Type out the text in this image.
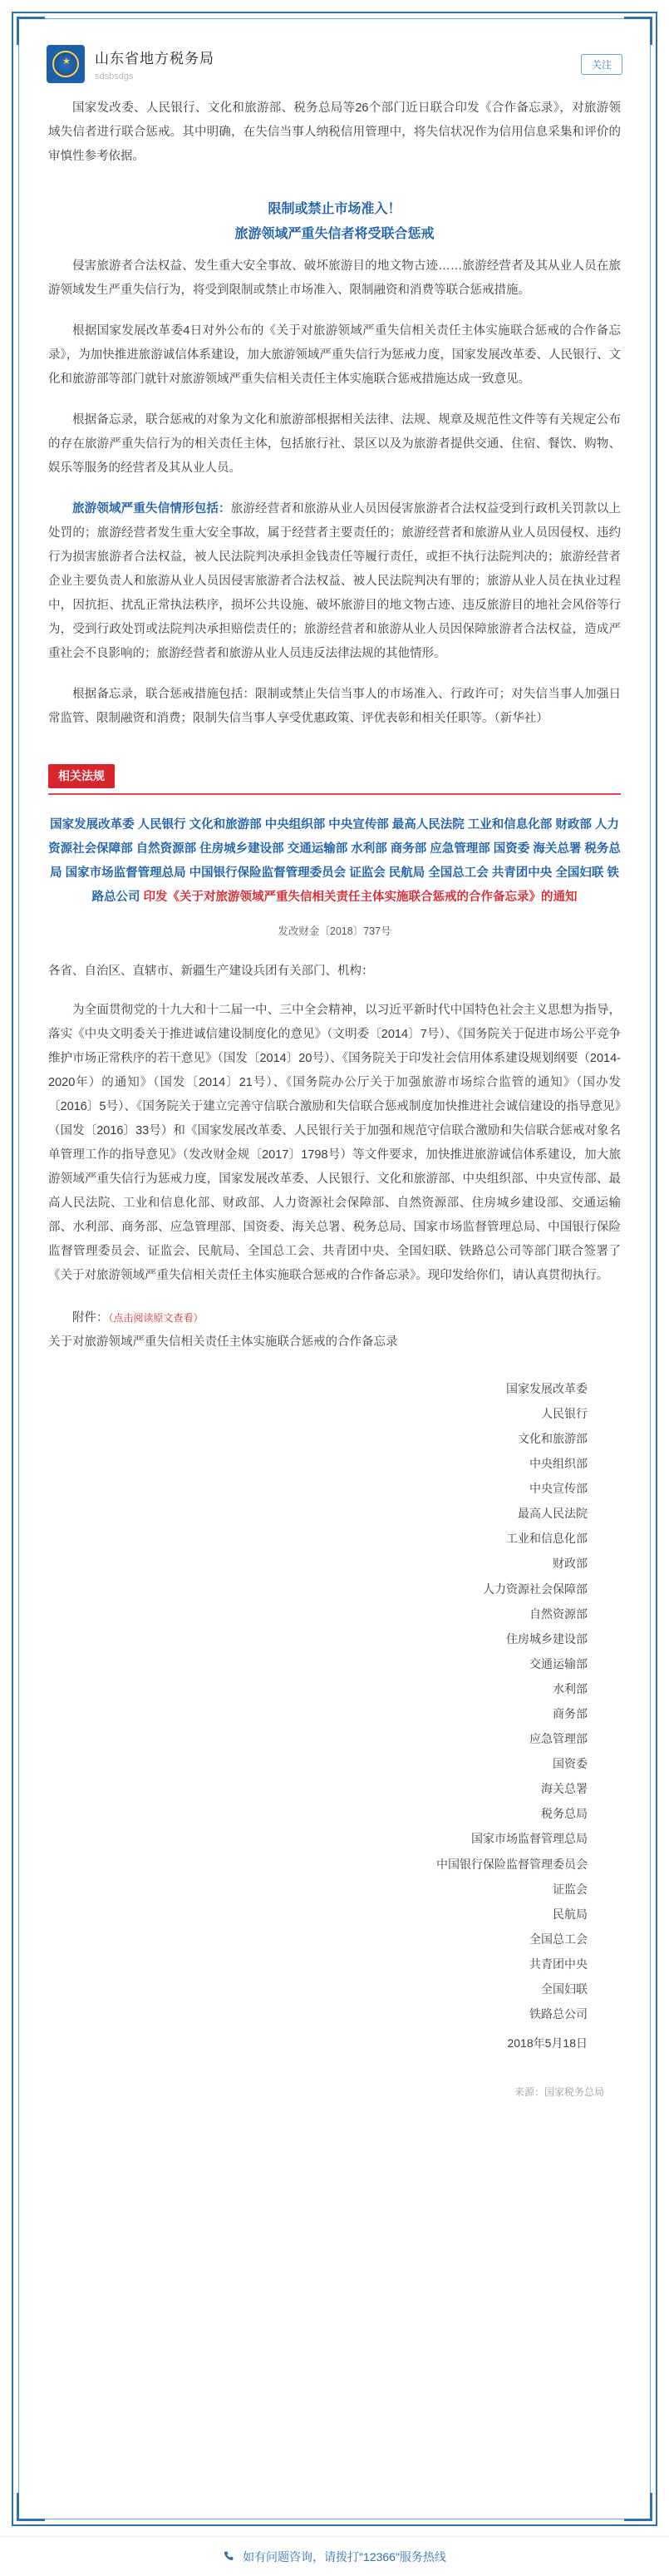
★ 山东省地方税务局
sdsbsdgs
关注

国家发改委、人民银行、文化和旅游部、税务总局等26个部门近日联合印发《合作备忘录》，对旅游领域失信者进行联合惩戒。其中明确，在失信当事人纳税信用管理中，将失信状况作为信用信息采集和评价的审慎性参考依据。

限制或禁止市场准入！
旅游领域严重失信者将受联合惩戒

侵害旅游者合法权益、发生重大安全事故、破坏旅游目的地文物古迹……旅游经营者及其从业人员在旅游领域发生严重失信行为，将受到限制或禁止市场准入、限制融资和消费等联合惩戒措施。

根据国家发展改革委4日对外公布的《关于对旅游领域严重失信相关责任主体实施联合惩戒的合作备忘录》，为加快推进旅游诚信体系建设，加大旅游领域严重失信行为惩戒力度，国家发展改革委、人民银行、文化和旅游部等部门就针对旅游领域严重失信相关责任主体实施联合惩戒措施达成一致意见。

根据备忘录，联合惩戒的对象为文化和旅游部根据相关法律、法规、规章及规范性文件等有关规定公布的存在旅游严重失信行为的相关责任主体，包括旅行社、景区以及为旅游者提供交通、住宿、餐饮、购物、娱乐等服务的经营者及其从业人员。

旅游领域严重失信情形包括：旅游经营者和旅游从业人员因侵害旅游者合法权益受到行政机关罚款以上处罚的；旅游经营者发生重大安全事故，属于经营者主要责任的；旅游经营者和旅游从业人员因侵权、违约行为损害旅游者合法权益，被人民法院判决承担金钱责任等履行责任，或拒不执行法院判决的；旅游经营者企业主要负责人和旅游从业人员因侵害旅游者合法权益、被人民法院判决有罪的；旅游从业人员在执业过程中，因抗拒、扰乱正常执法秩序，损坏公共设施、破坏旅游目的地文物古迹、违反旅游目的地社会风俗等行为，受到行政处罚或法院判决承担赔偿责任的；旅游经营者和旅游从业人员因保障旅游者合法权益，造成严重社会不良影响的；旅游经营者和旅游从业人员违反法律法规的其他情形。

根据备忘录，联合惩戒措施包括：限制或禁止失信当事人的市场准入、行政许可；对失信当事人加强日常监管、限制融资和消费；限制失信当事人享受优惠政策、评优表彰和相关任职等。（新华社）

相关法规
国家发展改革委 人民银行 文化和旅游部 中央组织部 中央宣传部 最高人民法院 工业和信息化部 财政部 人力资源社会保障部 自然资源部 住房城乡建设部 交通运输部 水利部 商务部 应急管理部 国资委 海关总署 税务总局 国家市场监督管理总局 中国银行保险监督管理委员会 证监会 民航局 全国总工会 共青团中央 全国妇联 铁路总公司 印发《关于对旅游领域严重失信相关责任主体实施联合惩戒的合作备忘录》的通知
发改财金〔2018〕737号
各省、自治区、直辖市、新疆生产建设兵团有关部门、机构：
为全面贯彻党的十九大和十二届一中、三中全会精神，以习近平新时代中国特色社会主义思想为指导，落实《中央文明委关于推进诚信建设制度化的意见》（文明委〔2014〕7号）、《国务院关于促进市场公平竞争维护市场正常秩序的若干意见》（国发〔2014〕20号）、《国务院关于印发社会信用体系建设规划纲要（2014-2020年）的通知》（国发〔2014〕21号）、《国务院办公厅关于加强旅游市场综合监管的通知》（国办发〔2016〕5号）、《国务院关于建立完善守信联合激励和失信联合惩戒制度加快推进社会诚信建设的指导意见》（国发〔2016〕33号）和《国家发展改革委、人民银行关于加强和规范守信联合激励和失信联合惩戒对象名单管理工作的指导意见》（发改财金规〔2017〕1798号）等文件要求，加快推进旅游诚信体系建设，加大旅游领域严重失信行为惩戒力度，国家发展改革委、人民银行、文化和旅游部、中央组织部、中央宣传部、最高人民法院、工业和信息化部、财政部、人力资源社会保障部、自然资源部、住房城乡建设部、交通运输部、水利部、商务部、应急管理部、国资委、海关总署、税务总局、国家市场监督管理总局、中国银行保险监督管理委员会、证监会、民航局、全国总工会、共青团中央、全国妇联、铁路总公司等部门联合签署了《关于对旅游领域严重失信相关责任主体实施联合惩戒的合作备忘录》。现印发给你们，请认真贯彻执行。
附件：（点击阅读原文查看）
关于对旅游领域严重失信相关责任主体实施联合惩戒的合作备忘录
国家发展改革委
人民银行
文化和旅游部
中央组织部
中央宣传部
最高人民法院
工业和信息化部
财政部
人力资源社会保障部
自然资源部
住房城乡建设部
交通运输部
水利部
商务部
应急管理部
国资委
海关总署
税务总局
国家市场监督管理总局
中国银行保险监督管理委员会
证监会
民航局
全国总工会
共青团中央
全国妇联
铁路总公司
2018年5月18日
来源：国家税务总局
如有问题咨询，请拨打"12366"服务热线
